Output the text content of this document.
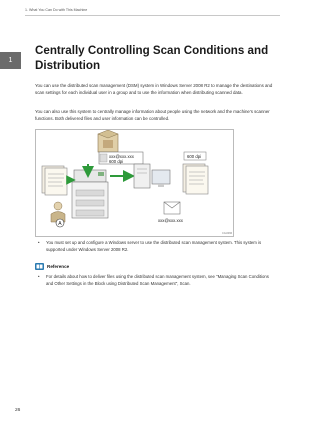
1. What You Can Do with This Machine
1
Centrally Controlling Scan Conditions and Distribution

You can use the distributed scan management (DSM) system in Windows Server 2008 R2 to manage the destinations and scan settings for each individual user in a group and to use the information when distributing scanned data.

You can also use this system to centrally manage information about people using the network and the machine's scanner functions. Both delivered files and user information can be controlled.

xxx@xxx.xxx
600 dpi
A
600 dpi
xxx@xxx.xxx
CGU066
• You must set up and configure a Windows server to use the distributed scan management system. This system is supported under Windows Server 2008 R2.
Reference
• For details about how to deliver files using the distributed scan management system, see "Managing Scan Conditions and Other Settings in the Block using Distributed Scan Management", Scan.
26
